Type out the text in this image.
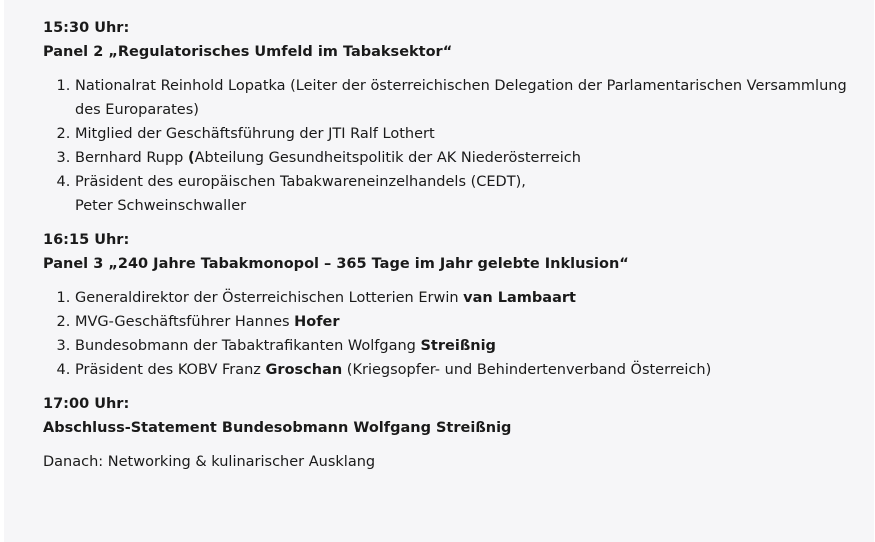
15:30 Uhr:

Panel 2 „Regulatorisches Umfeld im Tabaksektor“

1. Nationalrat Reinhold Lopatka (Leiter der österreichischen Delegation der Parlamentarischen Versammlung des Europarates)
2. Mitglied der Geschäftsführung der JTI Ralf Lothert
3. Bernhard Rupp (Abteilung Gesundheitspolitik der AK Niederösterreich
4. Präsident des europäischen Tabakwareneinzelhandels (CEDT),
Peter Schweinschwaller

16:15 Uhr:

Panel 3 „240 Jahre Tabakmonopol – 365 Tage im Jahr gelebte Inklusion“

1. Generaldirektor der Österreichischen Lotterien Erwin van Lambaart
2. MVG-Geschäftsführer Hannes Hofer
3. Bundesobmann der Tabaktrafikanten Wolfgang Streißnig
4. Präsident des KOBV Franz Groschan (Kriegsopfer- und Behindertenverband Österreich)

17:00 Uhr:

Abschluss-Statement Bundesobmann Wolfgang Streißnig

Danach: Networking & kulinarischer Ausklang
